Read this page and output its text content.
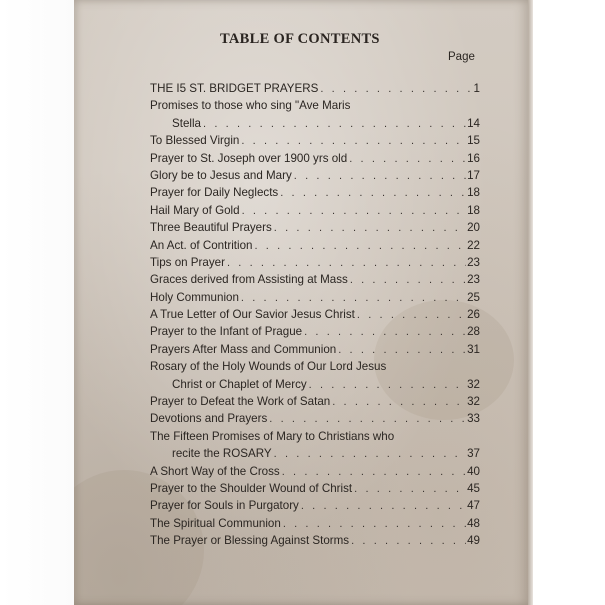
TABLE OF CONTENTS
Page
THE I5 ST. BRIDGET PRAYERS . . .	1
Promises to those who sing "Ave Maris
Stella . . .	14
To Blessed Virgin . . .	15
Prayer to St. Joseph over 1900 yrs old . . .	16
Glory be to Jesus and Mary . . .	17
Prayer for Daily Neglects . . .	18
Hail Mary of Gold . . .	18
Three Beautiful Prayers . . .	20
An Act. of Contrition . . .	22
Tips on Prayer . . .	23
Graces derived from Assisting at Mass . . .	23
Holy Communion . . .	25
A True Letter of Our Savior Jesus Christ . . .	26
Prayer to the Infant of Prague . . .	28
Prayers After Mass and Communion . . .	31
Rosary of the Holy Wounds of Our Lord Jesus
Christ or Chaplet of Mercy . . .	32
Prayer to Defeat the Work of Satan . . .	32
Devotions and Prayers . . .	33
The Fifteen Promises of Mary to Christians who
recite the ROSARY . . .	37
A Short Way of the Cross . . .	40
Prayer to the Shoulder Wound of Christ . . .	45
Prayer for Souls in Purgatory . . .	47
The Spiritual Communion . . .	48
The Prayer or Blessing Against Storms . . .	49
